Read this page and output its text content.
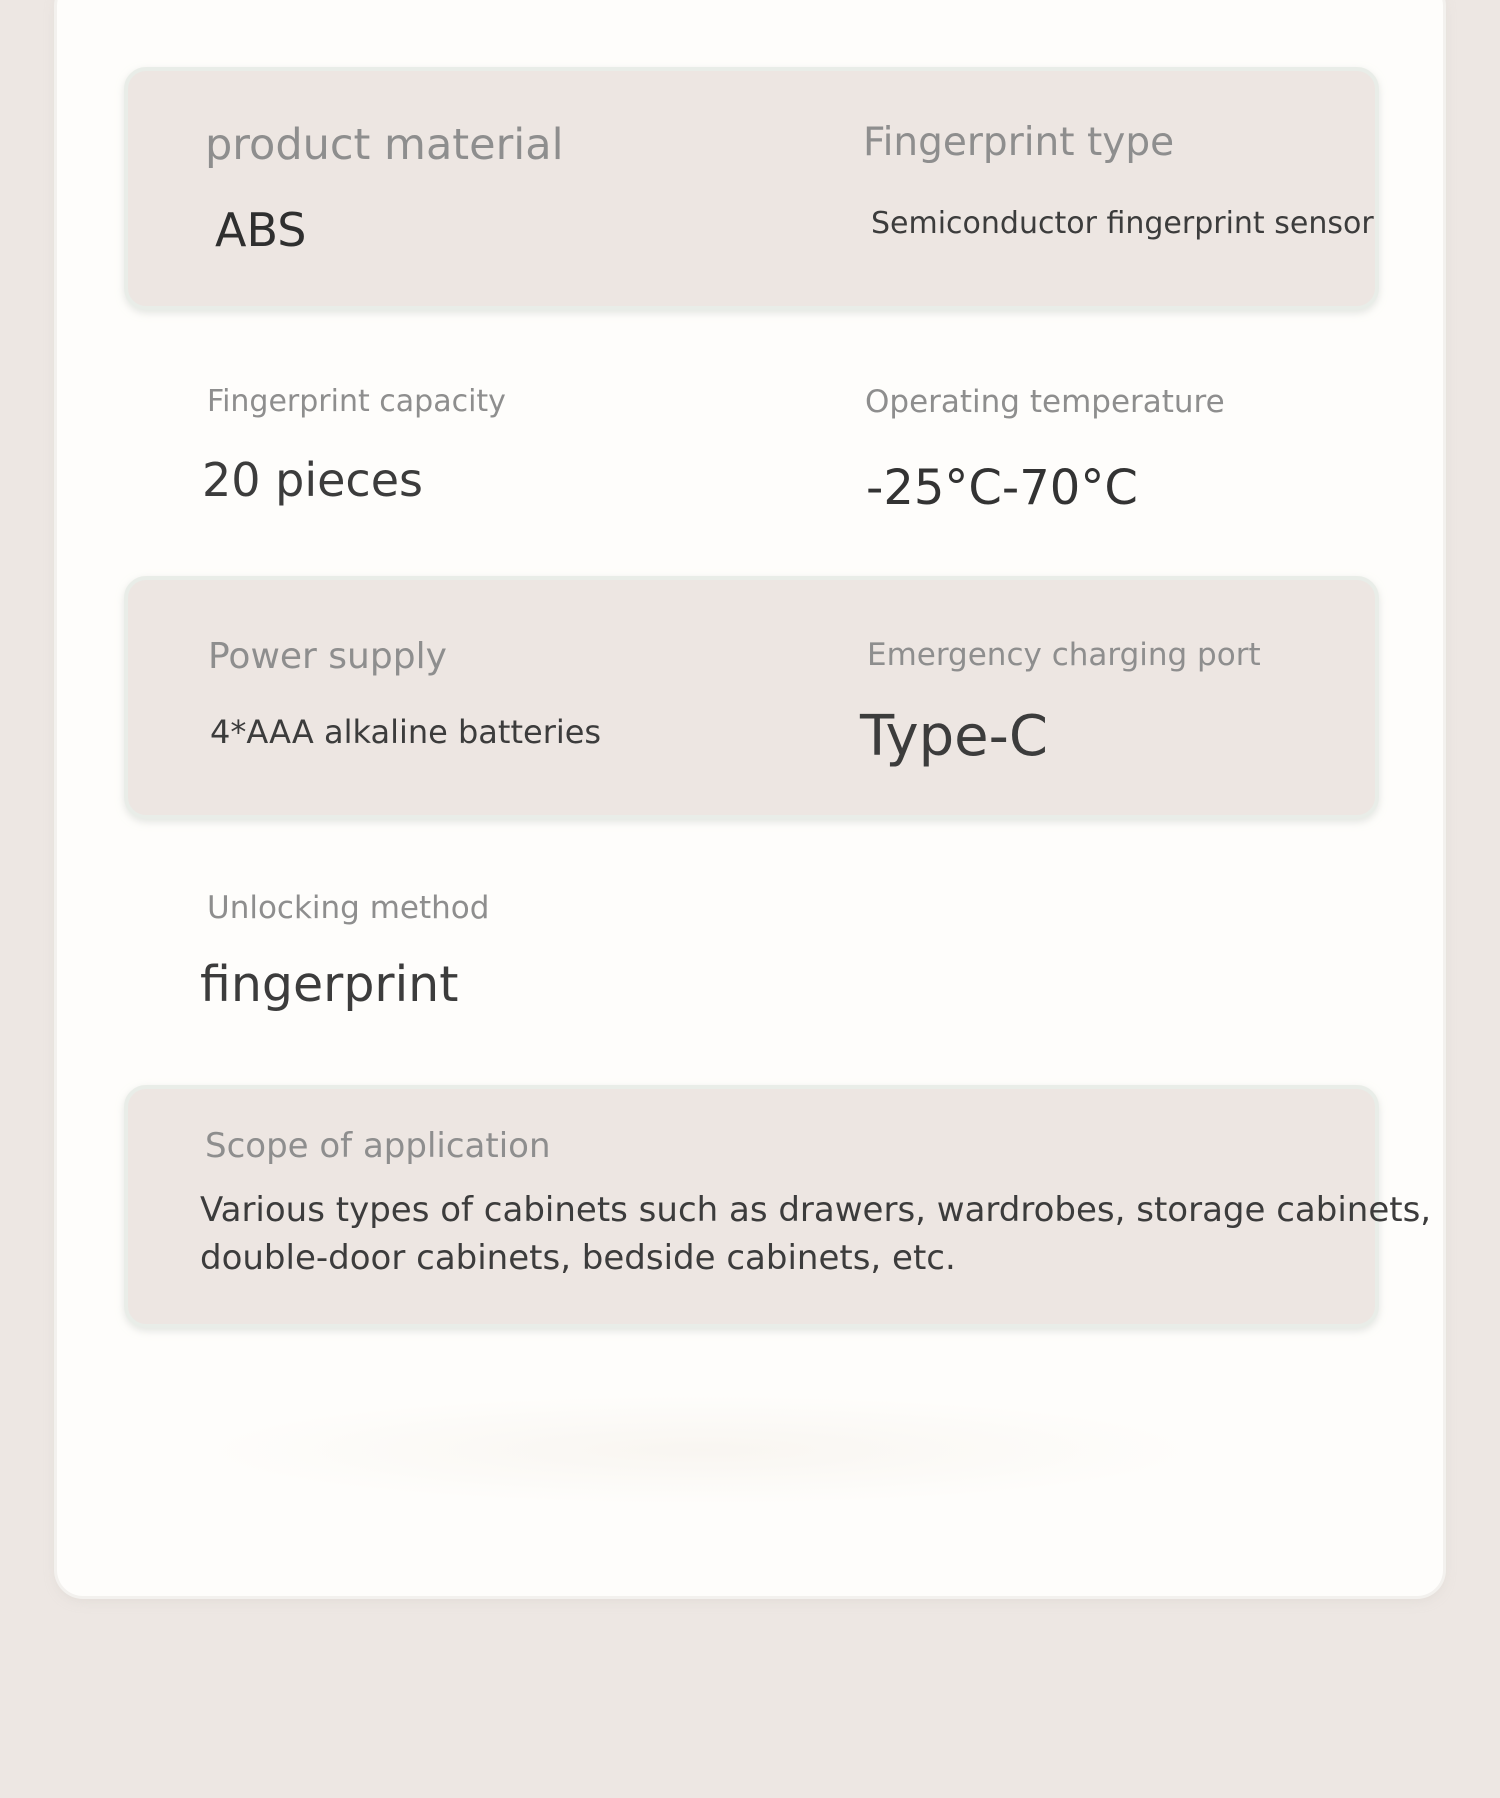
product material
ABS
Fingerprint type
Semiconductor fingerprint sensor
Fingerprint capacity
20 pieces
Operating temperature
-25°C-70°C
Power supply
4*AAA alkaline batteries
Emergency charging port
Type-C
Unlocking method
fingerprint
Scope of application
Various types of cabinets such as drawers, wardrobes, storage cabinets,
double-door cabinets, bedside cabinets, etc.
